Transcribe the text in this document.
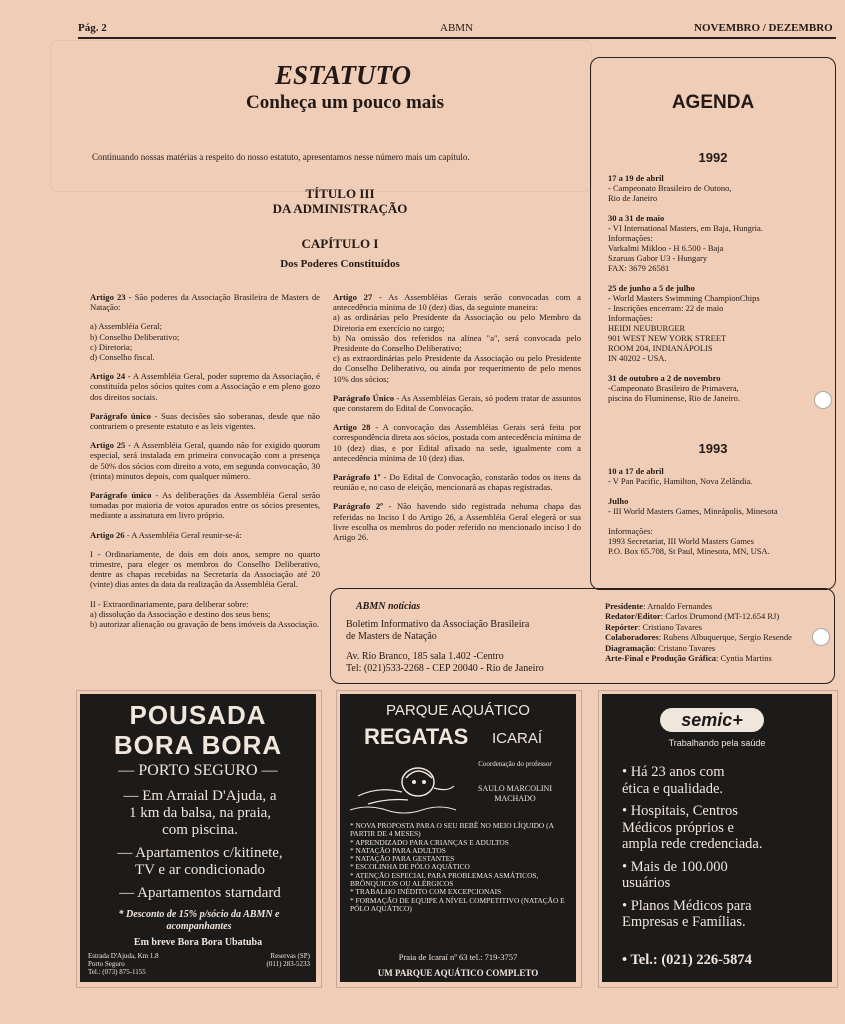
Pág. 2	ABMN	NOVEMBRO / DEZEMBRO
ESTATUTO
Conheça um pouco mais
Continuando nossas matérias a respeito do nosso estatuto, apresentamos nesse número mais um capítulo.
TÍTULO III
DA ADMINISTRAÇÃO
CAPÍTULO I
Dos Poderes Constituídos

Artigo 23 - São poderes da Associação Brasileira de Masters de Natação:

a) Assembléia Geral;
b) Conselho Deliberativo;
c) Diretoria;
d) Conselho fiscal.

Artigo 24 - A Assembléia Geral, poder supremo da Associação, é constituída pelos sócios quites com a Associação e em pleno gozo dos direitos sociais.

Parágrafo único - Suas decisões são soberanas, desde que não contrariem o presente estatuto e as leis vigentes.

Artigo 25 - A Assembléia Geral, quando não for exigido quorum especial, será instalada em primeira convocação com a presença de 50% dos sócios com direito a voto, em segunda convocação, 30 (trinta) minutos depois, com qualquer número.

Parágrafo único - As deliberações da Assembléia Geral serão tomadas por maioria de votos apurados entre os sócios presentes, mediante a assinatura em livro próprio.

Artigo 26 - A Assembléia Geral reunir-se-á:

I - Ordinariamente, de dois em dois anos, sempre no quarto trimestre, para eleger os membros do Conselho Deliberativo, dentre as chapas recebidas na Secretaria da Associação até 20 (vinte) dias antes da data da realização da Assembléia Geral.

II - Extraordinariamente, para deliberar sobre:
a) dissolução da Associação e destino dos seus bens;
b) autorizar alienação ou gravação de bens imóveis da Associação.

Artigo 27 - As Assembléias Gerais serão convocadas com a antecedência mínima de 10 (dez) dias, da seguinte maneira:
a) as ordinárias pelo Presidente da Associação ou pelo Membro da Diretoria em exercício no cargo;
b) Na omissão dos referidos na alinea "a", será convocada pelo Presidente do Conselho Deliberativo;
c) as extraordinárias pelo Presidente da Associação ou pelo Presidente do Conselho Deliberativo, ou ainda por requerimento de pelo menos 10% dos sócios;

Parágrafo Único - As Assembléias Gerais, só podem tratar de assuntos que constarem do Edital de Convocação.

Artigo 28 - A convocação das Assembléias Gerais será feita por correspondência direta aos sócios, postada com antecedência mínima de 10 (dez) dias, e por Edital afixado na sede, igualmente com a antecedência mínima de 10 (dez) dias.

Parágrafo 1º - Do Edital de Convocação, constarão todos os itens da reunião e, no caso de eleição, mencionará as chapas registradas.

Parágrafo 2º - Não havendo sido registrada nehuma chapa das referidas no Inciso I do Artigo 26, a Assembléia Geral elegerá or sua livre escolha os membros do poder referido no mencionado inciso I do Artigo 26.

AGENDA
1992
17 a 19 de abril
- Campeonato Brasileiro de Outono,
Rio de Janeiro
30 a 31 de maio
- VI International Masters, em Baja, Hungria.
Informações:
Varkalmi Mikloo - H 6.500 - Baja
Szaruas Gabor U3 - Hungary
FAX: 3679 26581
25 de junho a 5 de julho
- World Masters Swimming ChampionChips
- Inscrições encerram: 22 de maio
Informações:
HEIDI NEUBURGER
901 WEST NEW YORK STREET
ROOM 204, INDIANÁPOLIS
IN 40202 - USA.
31 de outubro a 2 de novembro
-Campeonato Brasileiro de Primavera,
piscina do Fluminense, Rio de Janeiro.
1993
10 a 17 de abril
- V Pan Pacific, Hamilton, Nova Zelândia.
Julho
- III World Masters Games, Mineápolis, Minesota

Informações:
1993 Secretariat, III World Masters Games
P.O. Box 65.708, St Paul, Minesota, MN, USA.
ABMN notícias
Boletim Informativo da Associação Brasileira
de Masters de Natação
Av. Rio Branco, 185 sala 1.402 -Centro
Tel: (021)533-2268 - CEP 20040 - Rio de Janeiro
Presidente: Arnaldo Fernandes
Redator/Editor: Carlos Drumond (MT-12.654 RJ)
Repórter: Cristiano Tavares
Colaboradores: Rubens Albuquerque, Sergio Resende
Diagramação: Cristano Tavares
Arte-Final e Produção Gráfica: Cyntia Martins
POUSADA
BORA BORA
— PORTO SEGURO —
— Em Arraial D'Ajuda, a
1 km da balsa, na praia,
com piscina.
— Apartamentos c/kitinete,
TV e ar condicionado
— Apartamentos starndard
* Desconto de 15% p/sócio da ABMN e acompanhantes
Em breve Bora Bora Ubatuba
Estrada D'Ajuda, Km 1.8
Porto Seguro
Tel.: (073) 875-1155
Reservas (SP)
(011) 283-5233
PARQUE AQUÁTICO
REGATAS ICARAÍ
Coordenação do professor
SAULO MARCOLINI MACHADO
* NOVA PROPOSTA PARA O SEU BEBÊ NO MEIO LÍQUIDO (A PARTIR DE 4 MESES)
* APRENDIZADO PARA CRIANÇAS E ADULTOS
* NATAÇÃO PARA ADULTOS
* NATAÇÃO PARA GESTANTES
* ESCOLINHA DE PÓLO AQUÁTICO
* ATENÇÃO ESPECIAL PARA PROBLEMAS ASMÁTICOS, BRÔNQUICOS OU ALÉRGICOS
* TRABALHO INÉDITO COM EXCEPCIONAIS
* FORMAÇÃO DE EQUIPE A NÍVEL COMPETITIVO (NATAÇÃO E PÓLO AQUÁTICO)
Praia de Icaraí nº 63 tel.: 719-3757
UM PARQUE AQUÁTICO COMPLETO
semic+
Trabalhando pela saúde
• Há 23 anos com
ética e qualidade.
• Hospitais, Centros
Médicos próprios e
ampla rede credenciada.
• Mais de 100.000
usuários
• Planos Médicos para
Empresas e Famílias.
• Tel.: (021) 226-5874
